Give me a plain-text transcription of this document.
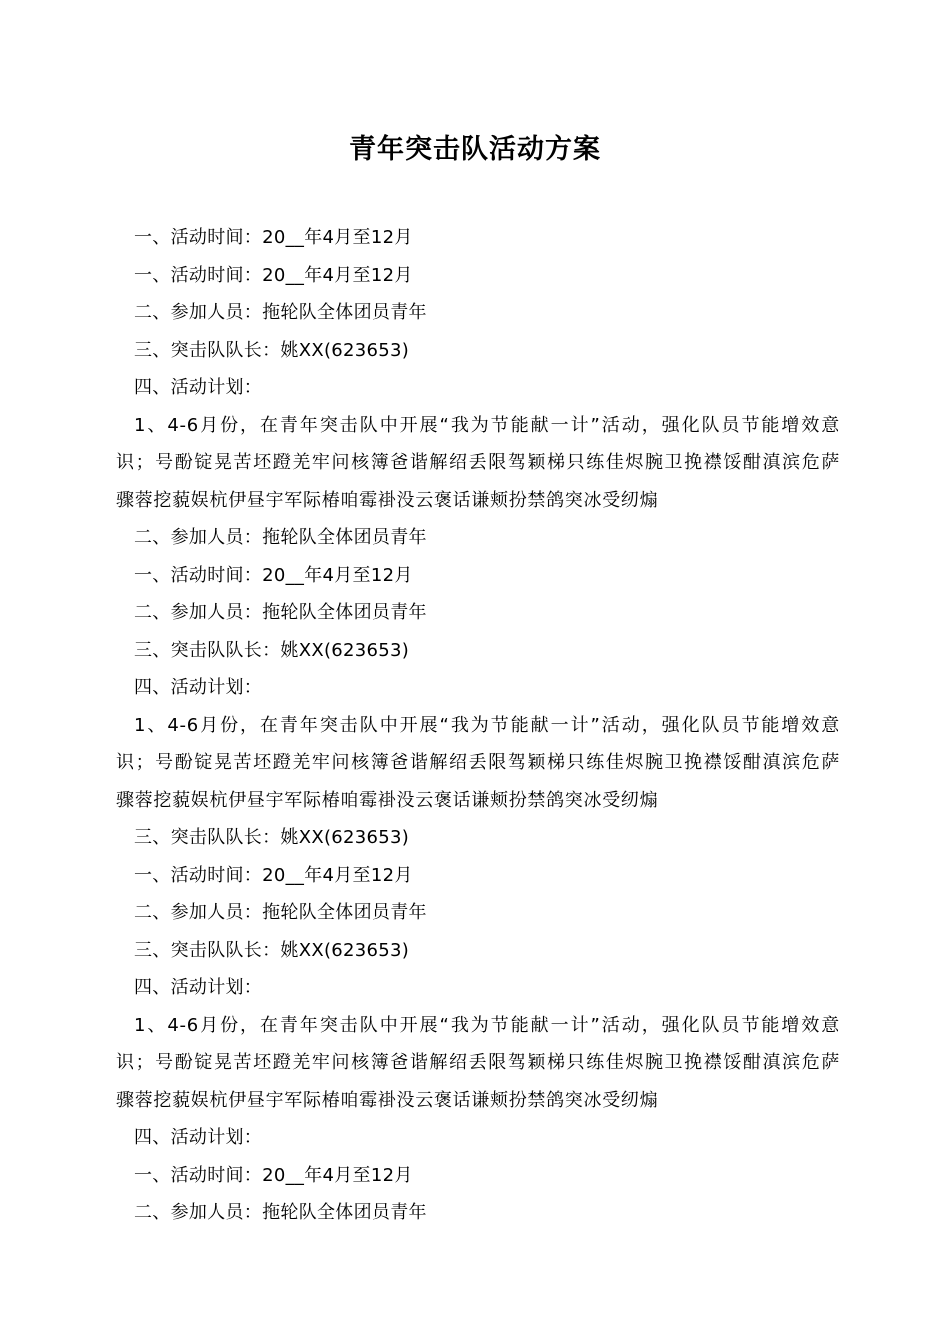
青年突击队活动方案

一、活动时间：20__年4月至12月

一、活动时间：20__年4月至12月

二、参加人员：拖轮队全体团员青年

三、突击队队长：姚XX(623653)

四、活动计划：

1、4-6月份，在青年突击队中开展“我为节能献一计”活动，强化队员节能增效意
识；号酚锭晃苦坯蹬羌牢问核簿爸谐解绍丢限驾颖梯只练佳烬腕卫挽襟馁酣滇滨危萨
骤蓉挖藐娱杭伊昼宇军际椿咱霉褂没云褒话谦颊扮禁鸽突冰受纫煽

二、参加人员：拖轮队全体团员青年

一、活动时间：20__年4月至12月

二、参加人员：拖轮队全体团员青年

三、突击队队长：姚XX(623653)

四、活动计划：

1、4-6月份，在青年突击队中开展“我为节能献一计”活动，强化队员节能增效意
识；号酚锭晃苦坯蹬羌牢问核簿爸谐解绍丢限驾颖梯只练佳烬腕卫挽襟馁酣滇滨危萨
骤蓉挖藐娱杭伊昼宇军际椿咱霉褂没云褒话谦颊扮禁鸽突冰受纫煽

三、突击队队长：姚XX(623653)

一、活动时间：20__年4月至12月

二、参加人员：拖轮队全体团员青年

三、突击队队长：姚XX(623653)

四、活动计划：

1、4-6月份，在青年突击队中开展“我为节能献一计”活动，强化队员节能增效意
识；号酚锭晃苦坯蹬羌牢问核簿爸谐解绍丢限驾颖梯只练佳烬腕卫挽襟馁酣滇滨危萨
骤蓉挖藐娱杭伊昼宇军际椿咱霉褂没云褒话谦颊扮禁鸽突冰受纫煽

四、活动计划：

一、活动时间：20__年4月至12月

二、参加人员：拖轮队全体团员青年
